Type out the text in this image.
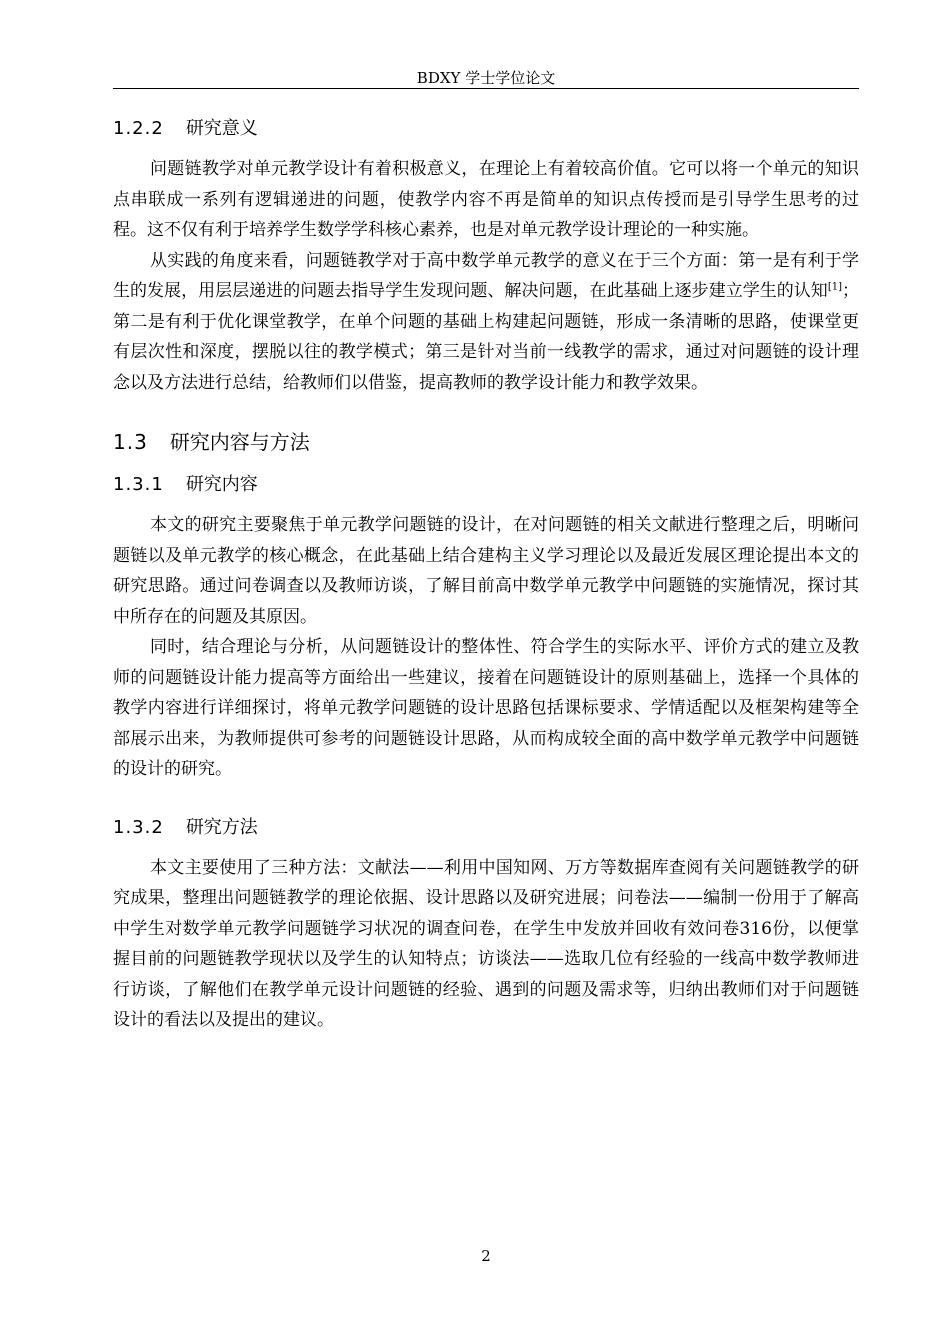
BDXY 学士学位论文
1.2.2 研究意义

问题链教学对单元教学设计有着积极意义，在理论上有着较高价值。它可以将一个单元的知识点串联成一系列有逻辑递进的问题，使教学内容不再是简单的知识点传授而是引导学生思考的过程。这不仅有利于培养学生数学学科核心素养，也是对单元教学设计理论的一种实施。

从实践的角度来看，问题链教学对于高中数学单元教学的意义在于三个方面：第一是有利于学生的发展，用层层递进的问题去指导学生发现问题、解决问题，在此基础上逐步建立学生的认知[1]；第二是有利于优化课堂教学，在单个问题的基础上构建起问题链，形成一条清晰的思路，使课堂更有层次性和深度，摆脱以往的教学模式；第三是针对当前一线教学的需求，通过对问题链的设计理念以及方法进行总结，给教师们以借鉴，提高教师的教学设计能力和教学效果。

1.3 研究内容与方法
1.3.1 研究内容

本文的研究主要聚焦于单元教学问题链的设计，在对问题链的相关文献进行整理之后，明晰问题链以及单元教学的核心概念，在此基础上结合建构主义学习理论以及最近发展区理论提出本文的研究思路。通过问卷调查以及教师访谈，了解目前高中数学单元教学中问题链的实施情况，探讨其中所存在的问题及其原因。

同时，结合理论与分析，从问题链设计的整体性、符合学生的实际水平、评价方式的建立及教师的问题链设计能力提高等方面给出一些建议，接着在问题链设计的原则基础上，选择一个具体的教学内容进行详细探讨，将单元教学问题链的设计思路包括课标要求、学情适配以及框架构建等全部展示出来，为教师提供可参考的问题链设计思路，从而构成较全面的高中数学单元教学中问题链的设计的研究。

1.3.2 研究方法

本文主要使用了三种方法：文献法——利用中国知网、万方等数据库查阅有关问题链教学的研究成果，整理出问题链教学的理论依据、设计思路以及研究进展；问卷法——编制一份用于了解高中学生对数学单元教学问题链学习状况的调查问卷，在学生中发放并回收有效问卷316份，以便掌握目前的问题链教学现状以及学生的认知特点；访谈法——选取几位有经验的一线高中数学教师进行访谈，了解他们在教学单元设计问题链的经验、遇到的问题及需求等，归纳出教师们对于问题链设计的看法以及提出的建议。

2
